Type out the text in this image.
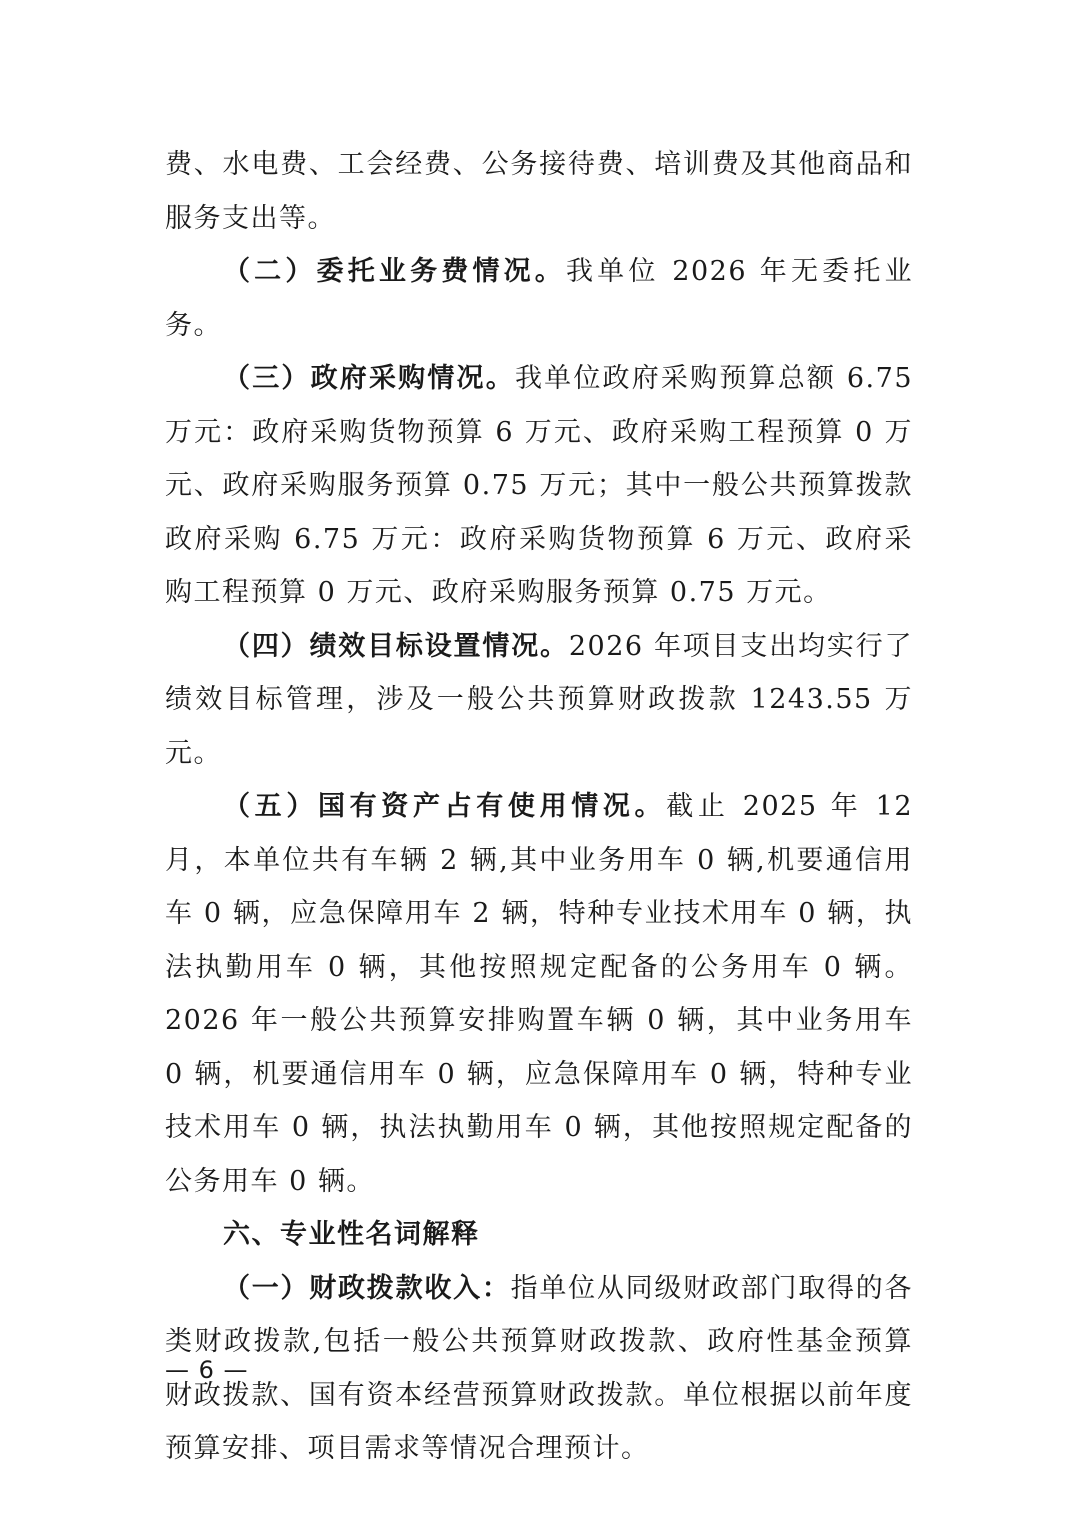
费、水电费、工会经费、公务接待费、培训费及其他商品和服务支出等。

（二）委托业务费情况。我单位 2026 年无委托业务。

（三）政府采购情况。我单位政府采购预算总额 6.75 万元：政府采购货物预算 6 万元、政府采购工程预算 0 万元、政府采购服务预算 0.75 万元；其中一般公共预算拨款政府采购 6.75 万元：政府采购货物预算 6 万元、政府采购工程预算 0 万元、政府采购服务预算 0.75 万元。

（四）绩效目标设置情况。2026 年项目支出均实行了绩效目标管理，涉及一般公共预算财政拨款 1243.55 万元。

（五）国有资产占有使用情况。截止 2025 年 12 月，本单位共有车辆 2 辆,其中业务用车 0 辆,机要通信用车 0 辆，应急保障用车 2 辆，特种专业技术用车 0 辆，执法执勤用车 0 辆，其他按照规定配备的公务用车 0 辆。2026 年一般公共预算安排购置车辆 0 辆，其中业务用车 0 辆，机要通信用车 0 辆，应急保障用车 0 辆，特种专业技术用车 0 辆，执法执勤用车 0 辆，其他按照规定配备的公务用车 0 辆。

六、专业性名词解释

（一）财政拨款收入：指单位从同级财政部门取得的各类财政拨款,包括一般公共预算财政拨款、政府性基金预算财政拨款、国有资本经营预算财政拨款。单位根据以前年度预算安排、项目需求等情况合理预计。

— 6 —
